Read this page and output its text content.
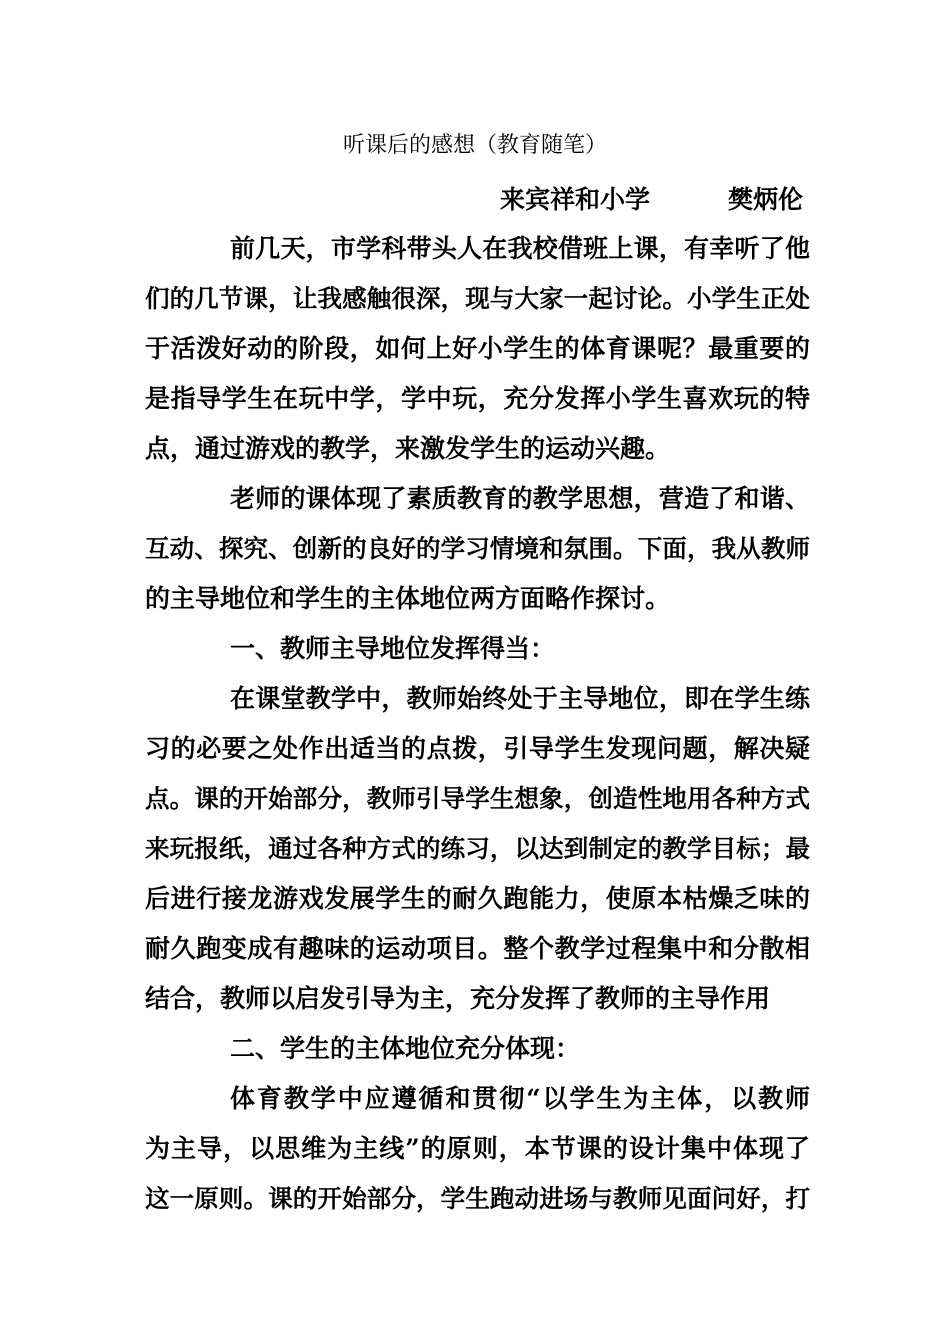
听课后的感想（教育随笔）
来宾祥和小学	樊炳伦
前几天，市学科带头人在我校借班上课，有幸听了他
们的几节课，让我感触很深，现与大家一起讨论。小学生正处
于活泼好动的阶段，如何上好小学生的体育课呢？最重要的
是指导学生在玩中学，学中玩，充分发挥小学生喜欢玩的特
点，通过游戏的教学，来激发学生的运动兴趣。
老师的课体现了素质教育的教学思想，营造了和谐、
互动、探究、创新的良好的学习情境和氛围。下面，我从教师
的主导地位和学生的主体地位两方面略作探讨。
一、教师主导地位发挥得当：
在课堂教学中，教师始终处于主导地位，即在学生练
习的必要之处作出适当的点拨，引导学生发现问题，解决疑
点。课的开始部分，教师引导学生想象，创造性地用各种方式
来玩报纸，通过各种方式的练习，以达到制定的教学目标；最
后进行接龙游戏发展学生的耐久跑能力，使原本枯燥乏味的
耐久跑变成有趣味的运动项目。整个教学过程集中和分散相
结合，教师以启发引导为主，充分发挥了教师的主导作用
二、学生的主体地位充分体现：
体育教学中应遵循和贯彻“以学生为主体，以教师
为主导，以思维为主线”的原则，本节课的设计集中体现了
这一原则。课的开始部分，学生跑动进场与教师见面问好，打
